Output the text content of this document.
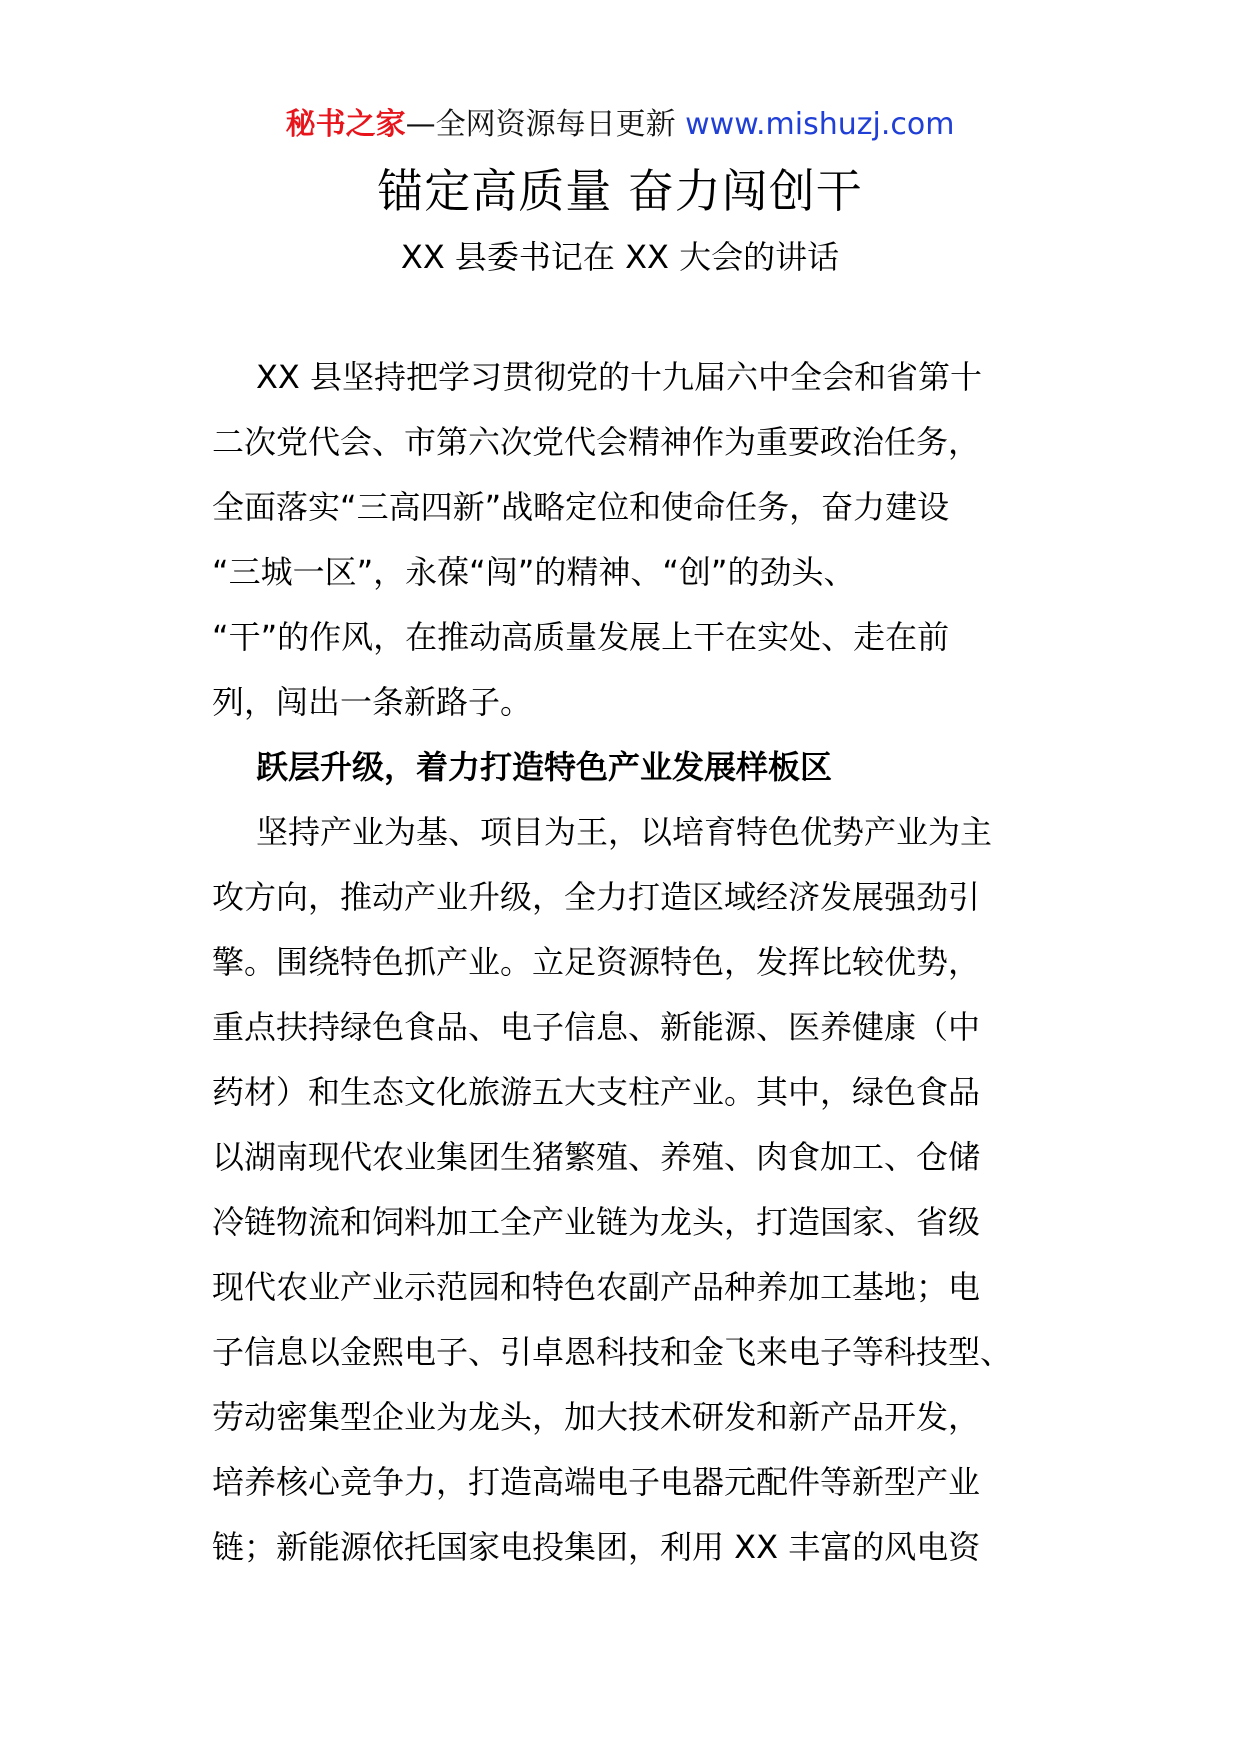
秘书之家—全网资源每日更新 www.mishuzj.com
锚定高质量 奋力闯创干
XX 县委书记在 XX 大会的讲话
XX 县坚持把学习贯彻党的十九届六中全会和省第十
二次党代会、市第六次党代会精神作为重要政治任务，
全面落实“三高四新”战略定位和使命任务，奋力建设
“三城一区”，永葆“闯”的精神、“创”的劲头、
“干”的作风，在推动高质量发展上干在实处、走在前
列，闯出一条新路子。
跃层升级，着力打造特色产业发展样板区
坚持产业为基、项目为王，以培育特色优势产业为主
攻方向，推动产业升级，全力打造区域经济发展强劲引
擎。围绕特色抓产业。立足资源特色，发挥比较优势，
重点扶持绿色食品、电子信息、新能源、医养健康（中
药材）和生态文化旅游五大支柱产业。其中，绿色食品
以湖南现代农业集团生猪繁殖、养殖、肉食加工、仓储
冷链物流和饲料加工全产业链为龙头，打造国家、省级
现代农业产业示范园和特色农副产品种养加工基地；电
子信息以金熙电子、引卓恩科技和金飞来电子等科技型、
劳动密集型企业为龙头，加大技术研发和新产品开发，
培养核心竞争力，打造高端电子电器元配件等新型产业
链；新能源依托国家电投集团，利用 XX 丰富的风电资
